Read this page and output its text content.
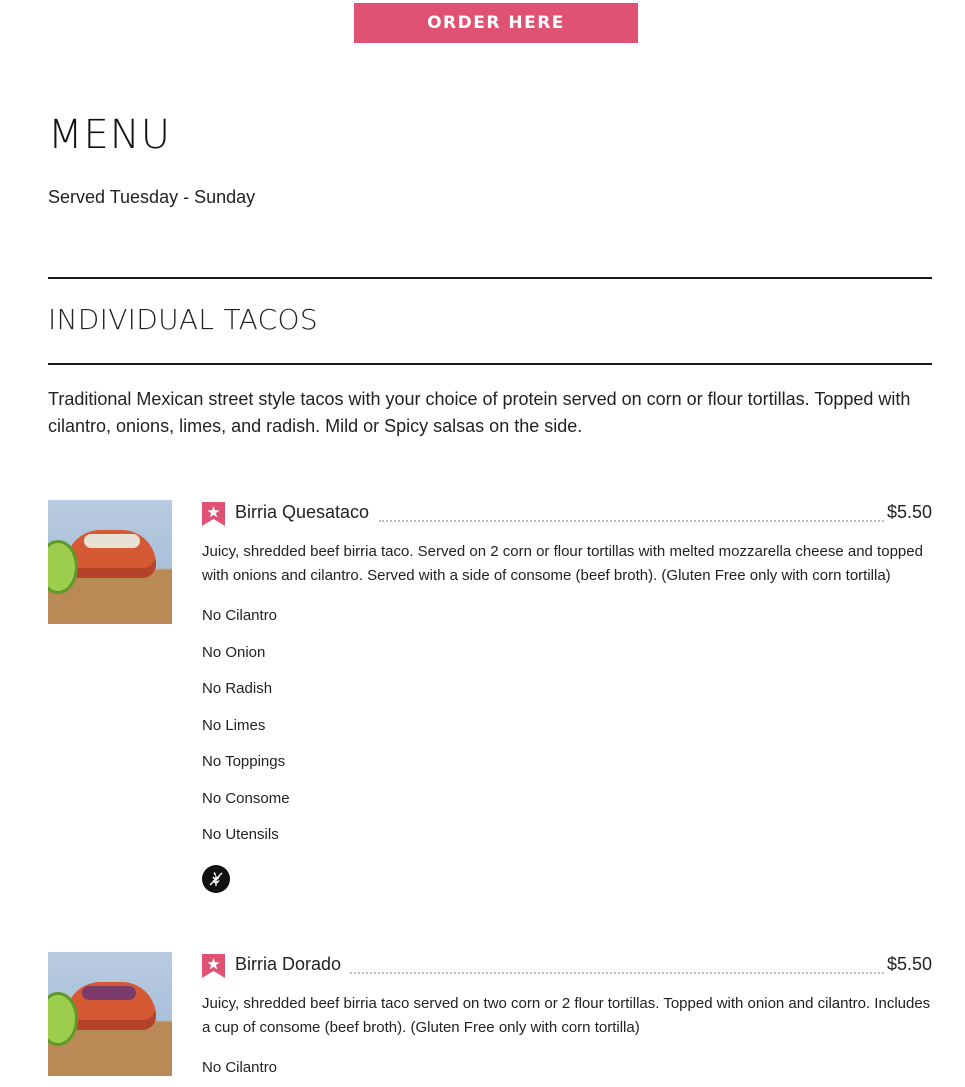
ORDER HERE
MENU
Served Tuesday - Sunday
INDIVIDUAL TACOS

Traditional Mexican street style tacos with your choice of protein served on corn or flour tortillas. Topped with cilantro, onions, limes, and radish. Mild or Spicy salsas on the side.

Birria Quesataco	$5.50

Juicy, shredded beef birria taco. Served on 2 corn or flour tortillas with melted mozzarella cheese and topped with onions and cilantro. Served with a side of consome (beef broth). (Gluten Free only with corn tortilla)

No Cilantro
No Onion
No Radish
No Limes
No Toppings
No Consome
No Utensils
Birria Dorado	$5.50

Juicy, shredded beef birria taco served on two corn or 2 flour tortillas. Topped with onion and cilantro. Includes a cup of consome (beef broth). (Gluten Free only with corn tortilla)

No Cilantro
